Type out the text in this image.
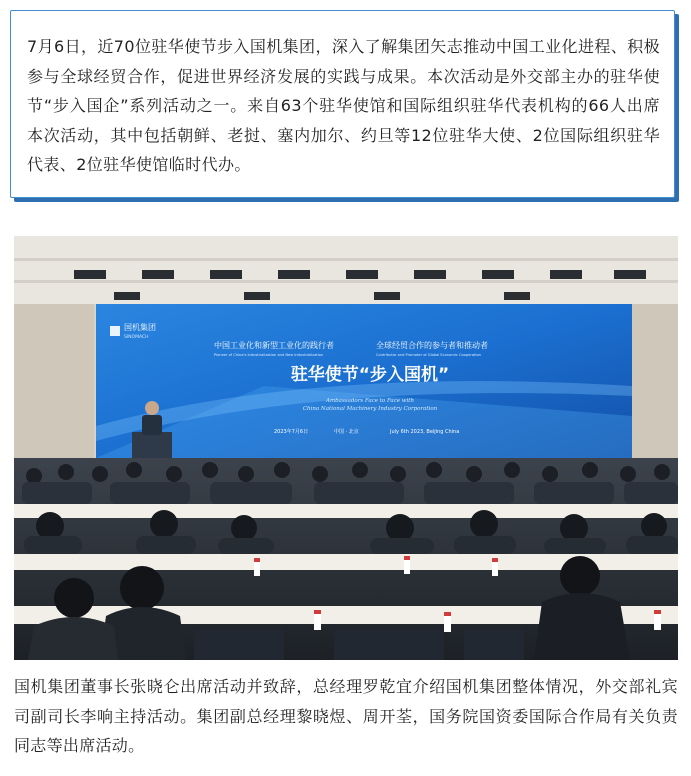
7月6日，近70位驻华使节步入国机集团，深入了解集团矢志推动中国工业化进程、积极参与全球经贸合作，促进世界经济发展的实践与成果。本次活动是外交部主办的驻华使节“步入国企”系列活动之一。来自63个驻华使馆和国际组织驻华代表机构的66人出席本次活动，其中包括朝鲜、老挝、塞内加尔、约旦等12位驻华大使、2位国际组织驻华代表、2位驻华使馆临时代办。

国机集团
SINOMACH
中国工业化和新型工业化的践行者	全球经贸合作的参与者和推动者
Pioneer of China's Industrialization and New Industrialization	Contributor and Promoter of Global Economic Cooperation
驻华使节“步入国机”
Ambassadors Face to Face with
China National Machinery Industry Corporation
2023年7月6日	中国 · 北京	July 6th 2023, Beijing China

国机集团董事长张晓仑出席活动并致辞，总经理罗乾宜介绍国机集团整体情况，外交部礼宾司副司长李响主持活动。集团副总经理黎晓煜、周开荃，国务院国资委国际合作局有关负责同志等出席活动。
